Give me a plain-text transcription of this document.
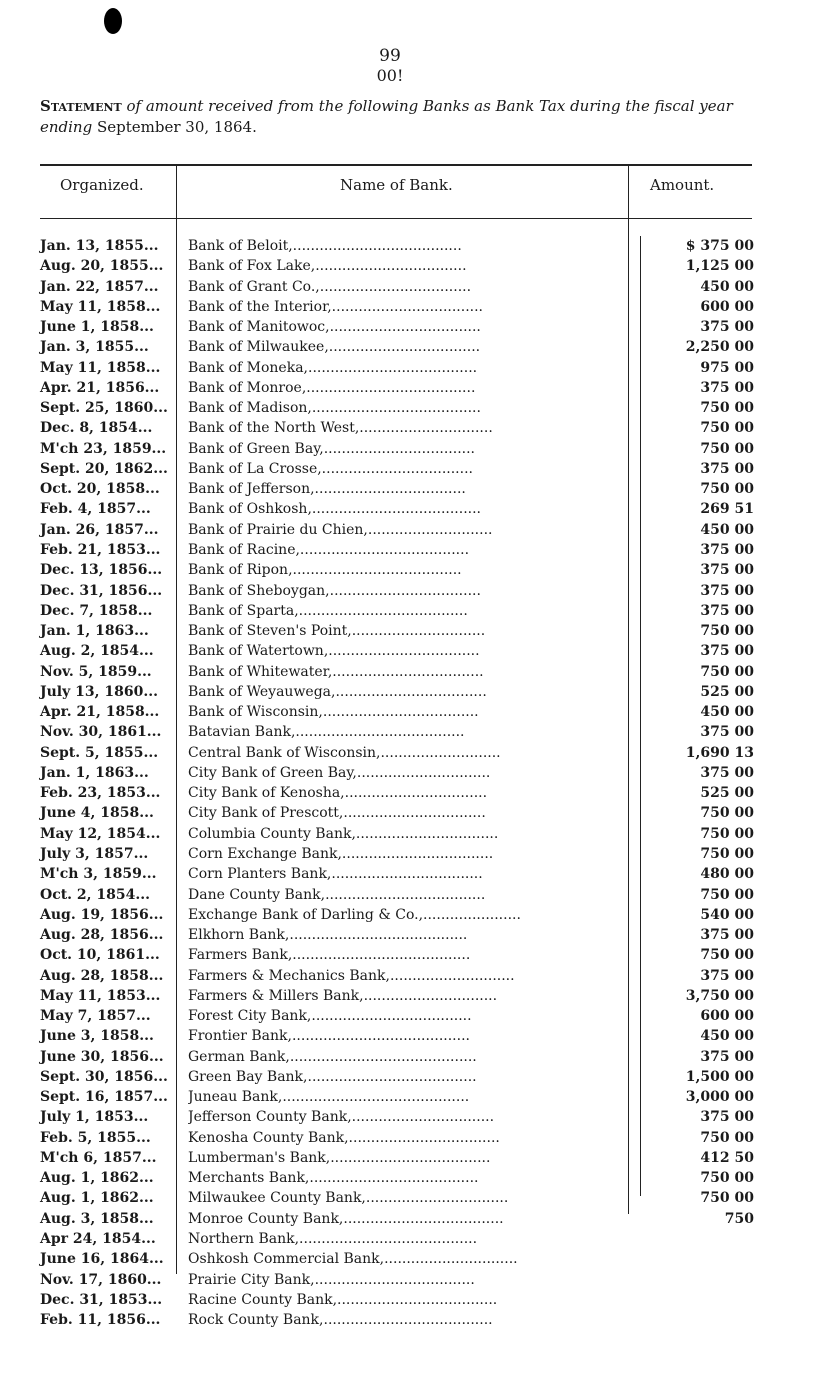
99
00!
Statement of amount received from the following Banks as Bank Tax during the fiscal year ending September 30, 1864.
Organized.	Name of Bank.	Amount.
Jan. 13, 1855...	Bank of Beloit,......................................	$ 375 00
Aug. 20, 1855...	Bank of Fox Lake,..................................	1,125 00
Jan. 22, 1857...	Bank of Grant Co.,..................................	450 00
May 11, 1858...	Bank of the Interior,..................................	600 00
June 1, 1858...	Bank of Manitowoc,..................................	375 00
Jan. 3, 1855...	Bank of Milwaukee,..................................	2,250 00
May 11, 1858...	Bank of Moneka,......................................	975 00
Apr. 21, 1856...	Bank of Monroe,......................................	375 00
Sept. 25, 1860...	Bank of Madison,......................................	750 00
Dec. 8, 1854...	Bank of the North West,..............................	750 00
M'ch 23, 1859...	Bank of Green Bay,..................................	750 00
Sept. 20, 1862...	Bank of La Crosse,..................................	375 00
Oct. 20, 1858...	Bank of Jefferson,..................................	750 00
Feb. 4, 1857...	Bank of Oshkosh,......................................	269 51
Jan. 26, 1857...	Bank of Prairie du Chien,............................	450 00
Feb. 21, 1853...	Bank of Racine,......................................	375 00
Dec. 13, 1856...	Bank of Ripon,......................................	375 00
Dec. 31, 1856...	Bank of Sheboygan,..................................	375 00
Dec. 7, 1858...	Bank of Sparta,......................................	375 00
Jan. 1, 1863...	Bank of Steven's Point,..............................	750 00
Aug. 2, 1854...	Bank of Watertown,..................................	375 00
Nov. 5, 1859...	Bank of Whitewater,..................................	750 00
July 13, 1860...	Bank of Weyauwega,..................................	525 00
Apr. 21, 1858...	Bank of Wisconsin,...................................	450 00
Nov. 30, 1861...	Batavian Bank,......................................	375 00
Sept. 5, 1855...	Central Bank of Wisconsin,...........................	1,690 13
Jan. 1, 1863...	City Bank of Green Bay,..............................	375 00
Feb. 23, 1853...	City Bank of Kenosha,................................	525 00
June 4, 1858...	City Bank of Prescott,................................	750 00
May 12, 1854...	Columbia County Bank,................................	750 00
July 3, 1857...	Corn Exchange Bank,..................................	750 00
M'ch 3, 1859...	Corn Planters Bank,..................................	480 00
Oct. 2, 1854...	Dane County Bank,....................................	750 00
Aug. 19, 1856...	Exchange Bank of Darling & Co.,......................	540 00
Aug. 28, 1856...	Elkhorn Bank,........................................	375 00
Oct. 10, 1861...	Farmers Bank,........................................	750 00
Aug. 28, 1858...	Farmers & Mechanics Bank,............................	375 00
May 11, 1853...	Farmers & Millers Bank,..............................	3,750 00
May 7, 1857...	Forest City Bank,....................................	600 00
June 3, 1858...	Frontier Bank,........................................	450 00
June 30, 1856...	German Bank,..........................................	375 00
Sept. 30, 1856...	Green Bay Bank,......................................	1,500 00
Sept. 16, 1857...	Juneau Bank,..........................................	3,000 00
July 1, 1853...	Jefferson County Bank,................................	375 00
Feb. 5, 1855...	Kenosha County Bank,..................................	750 00
M'ch 6, 1857...	Lumberman's Bank,....................................	412 50
Aug. 1, 1862...	Merchants Bank,......................................	750 00
Aug. 1, 1862...	Milwaukee County Bank,................................	750 00
Aug. 3, 1858...	Monroe County Bank,....................................	750
Apr 24, 1854...	Northern Bank,........................................
June 16, 1864...	Oshkosh Commercial Bank,..............................
Nov. 17, 1860...	Prairie City Bank,....................................
Dec. 31, 1853...	Racine County Bank,....................................
Feb. 11, 1856...	Rock County Bank,......................................
